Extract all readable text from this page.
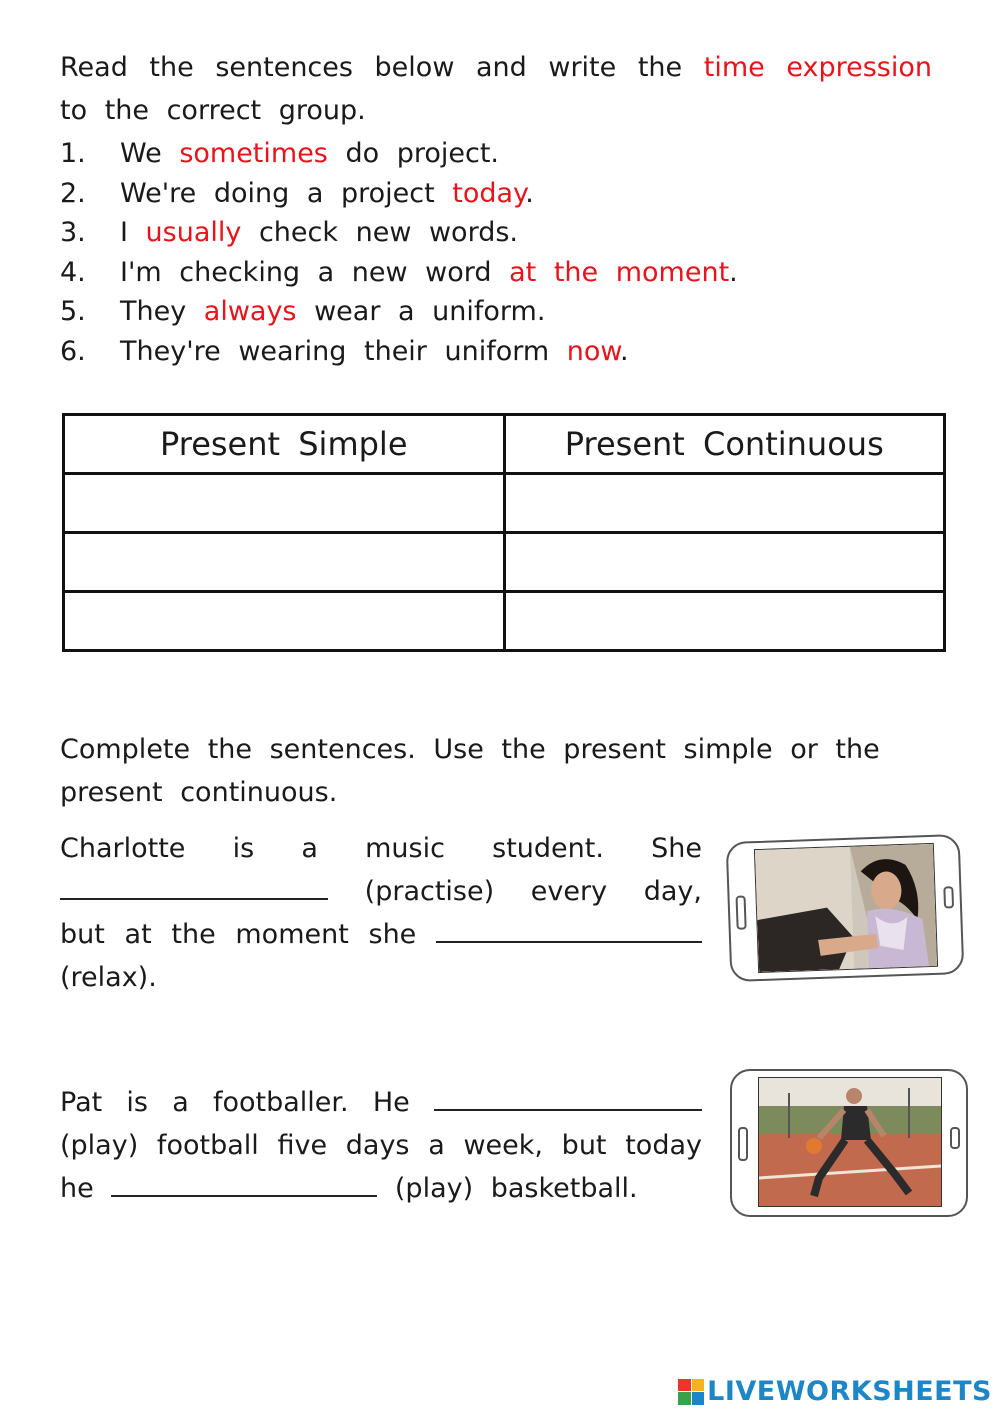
Read the sentences below and write the time expression to the correct group.

1.	We sometimes do project.
2.	We're doing a project today.
3.	I usually check new words.
4.	I'm checking a new word at the moment.
5.	They always wear a uniform.
6.	They're wearing their uniform now.
Present Simple	Present Continuous

Complete the sentences. Use the present simple or the present continuous.

Charlotte is a music student. She  (practise) every day, but at the moment she  (relax).

Pat is a footballer. He  (play) football five days a week, but today he	(play) basketball.

LIVEWORKSHEETS
